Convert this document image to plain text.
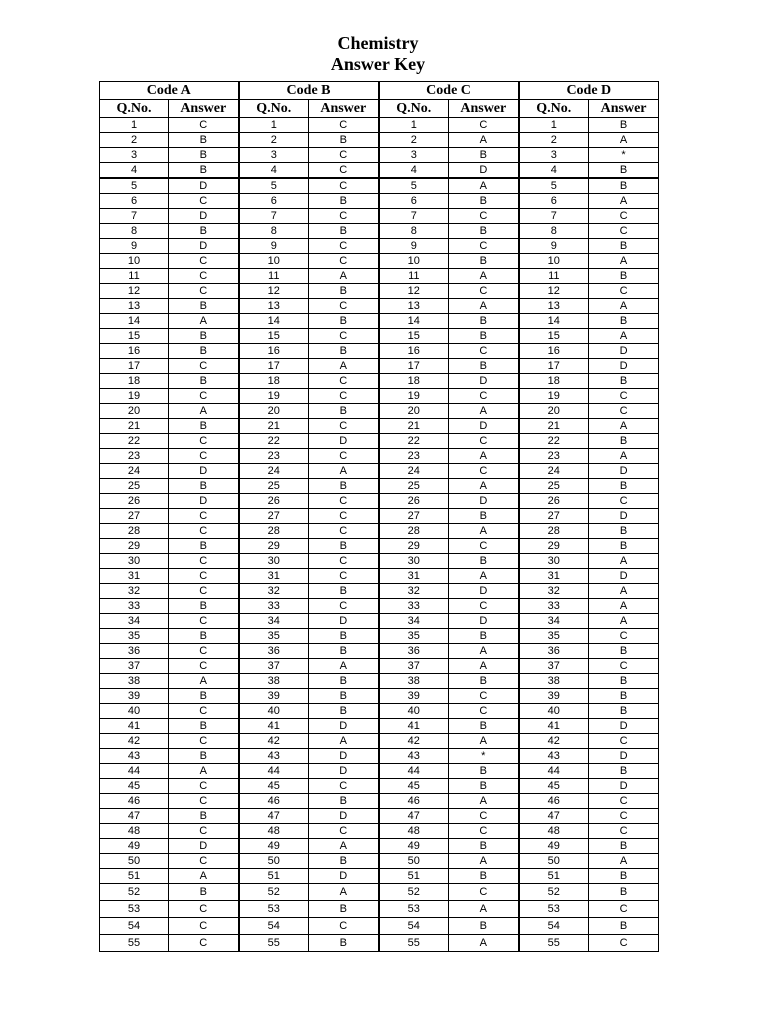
Chemistry
Answer Key
Code A		Code B		Code C		Code D	
Q.No.	Answer	Q.No.	Answer	Q.No.	Answer	Q.No.	Answer
1	C	1	C	1	C	1	B
2	B	2	B	2	A	2	A
3	B	3	C	3	B	3	*
4	B	4	C	4	D	4	B
5	D	5	C	5	A	5	B
6	C	6	B	6	B	6	A
7	D	7	C	7	C	7	C
8	B	8	B	8	B	8	C
9	D	9	C	9	C	9	B
10	C	10	C	10	B	10	A
11	C	11	A	11	A	11	B
12	C	12	B	12	C	12	C
13	B	13	C	13	A	13	A
14	A	14	B	14	B	14	B
15	B	15	C	15	B	15	A
16	B	16	B	16	C	16	D
17	C	17	A	17	B	17	D
18	B	18	C	18	D	18	B
19	C	19	C	19	C	19	C
20	A	20	B	20	A	20	C
21	B	21	C	21	D	21	A
22	C	22	D	22	C	22	B
23	C	23	C	23	A	23	A
24	D	24	A	24	C	24	D
25	B	25	B	25	A	25	B
26	D	26	C	26	D	26	C
27	C	27	C	27	B	27	D
28	C	28	C	28	A	28	B
29	B	29	B	29	C	29	B
30	C	30	C	30	B	30	A
31	C	31	C	31	A	31	D
32	C	32	B	32	D	32	A
33	B	33	C	33	C	33	A
34	C	34	D	34	D	34	A
35	B	35	B	35	B	35	C
36	C	36	B	36	A	36	B
37	C	37	A	37	A	37	C
38	A	38	B	38	B	38	B
39	B	39	B	39	C	39	B
40	C	40	B	40	C	40	B
41	B	41	D	41	B	41	D
42	C	42	A	42	A	42	C
43	B	43	D	43	*	43	D
44	A	44	D	44	B	44	B
45	C	45	C	45	B	45	D
46	C	46	B	46	A	46	C
47	B	47	D	47	C	47	C
48	C	48	C	48	C	48	C
49	D	49	A	49	B	49	B
50	C	50	B	50	A	50	A
51	A	51	D	51	B	51	B
52	B	52	A	52	C	52	B
53	C	53	B	53	A	53	C
54	C	54	C	54	B	54	B
55	C	55	B	55	A	55	C
